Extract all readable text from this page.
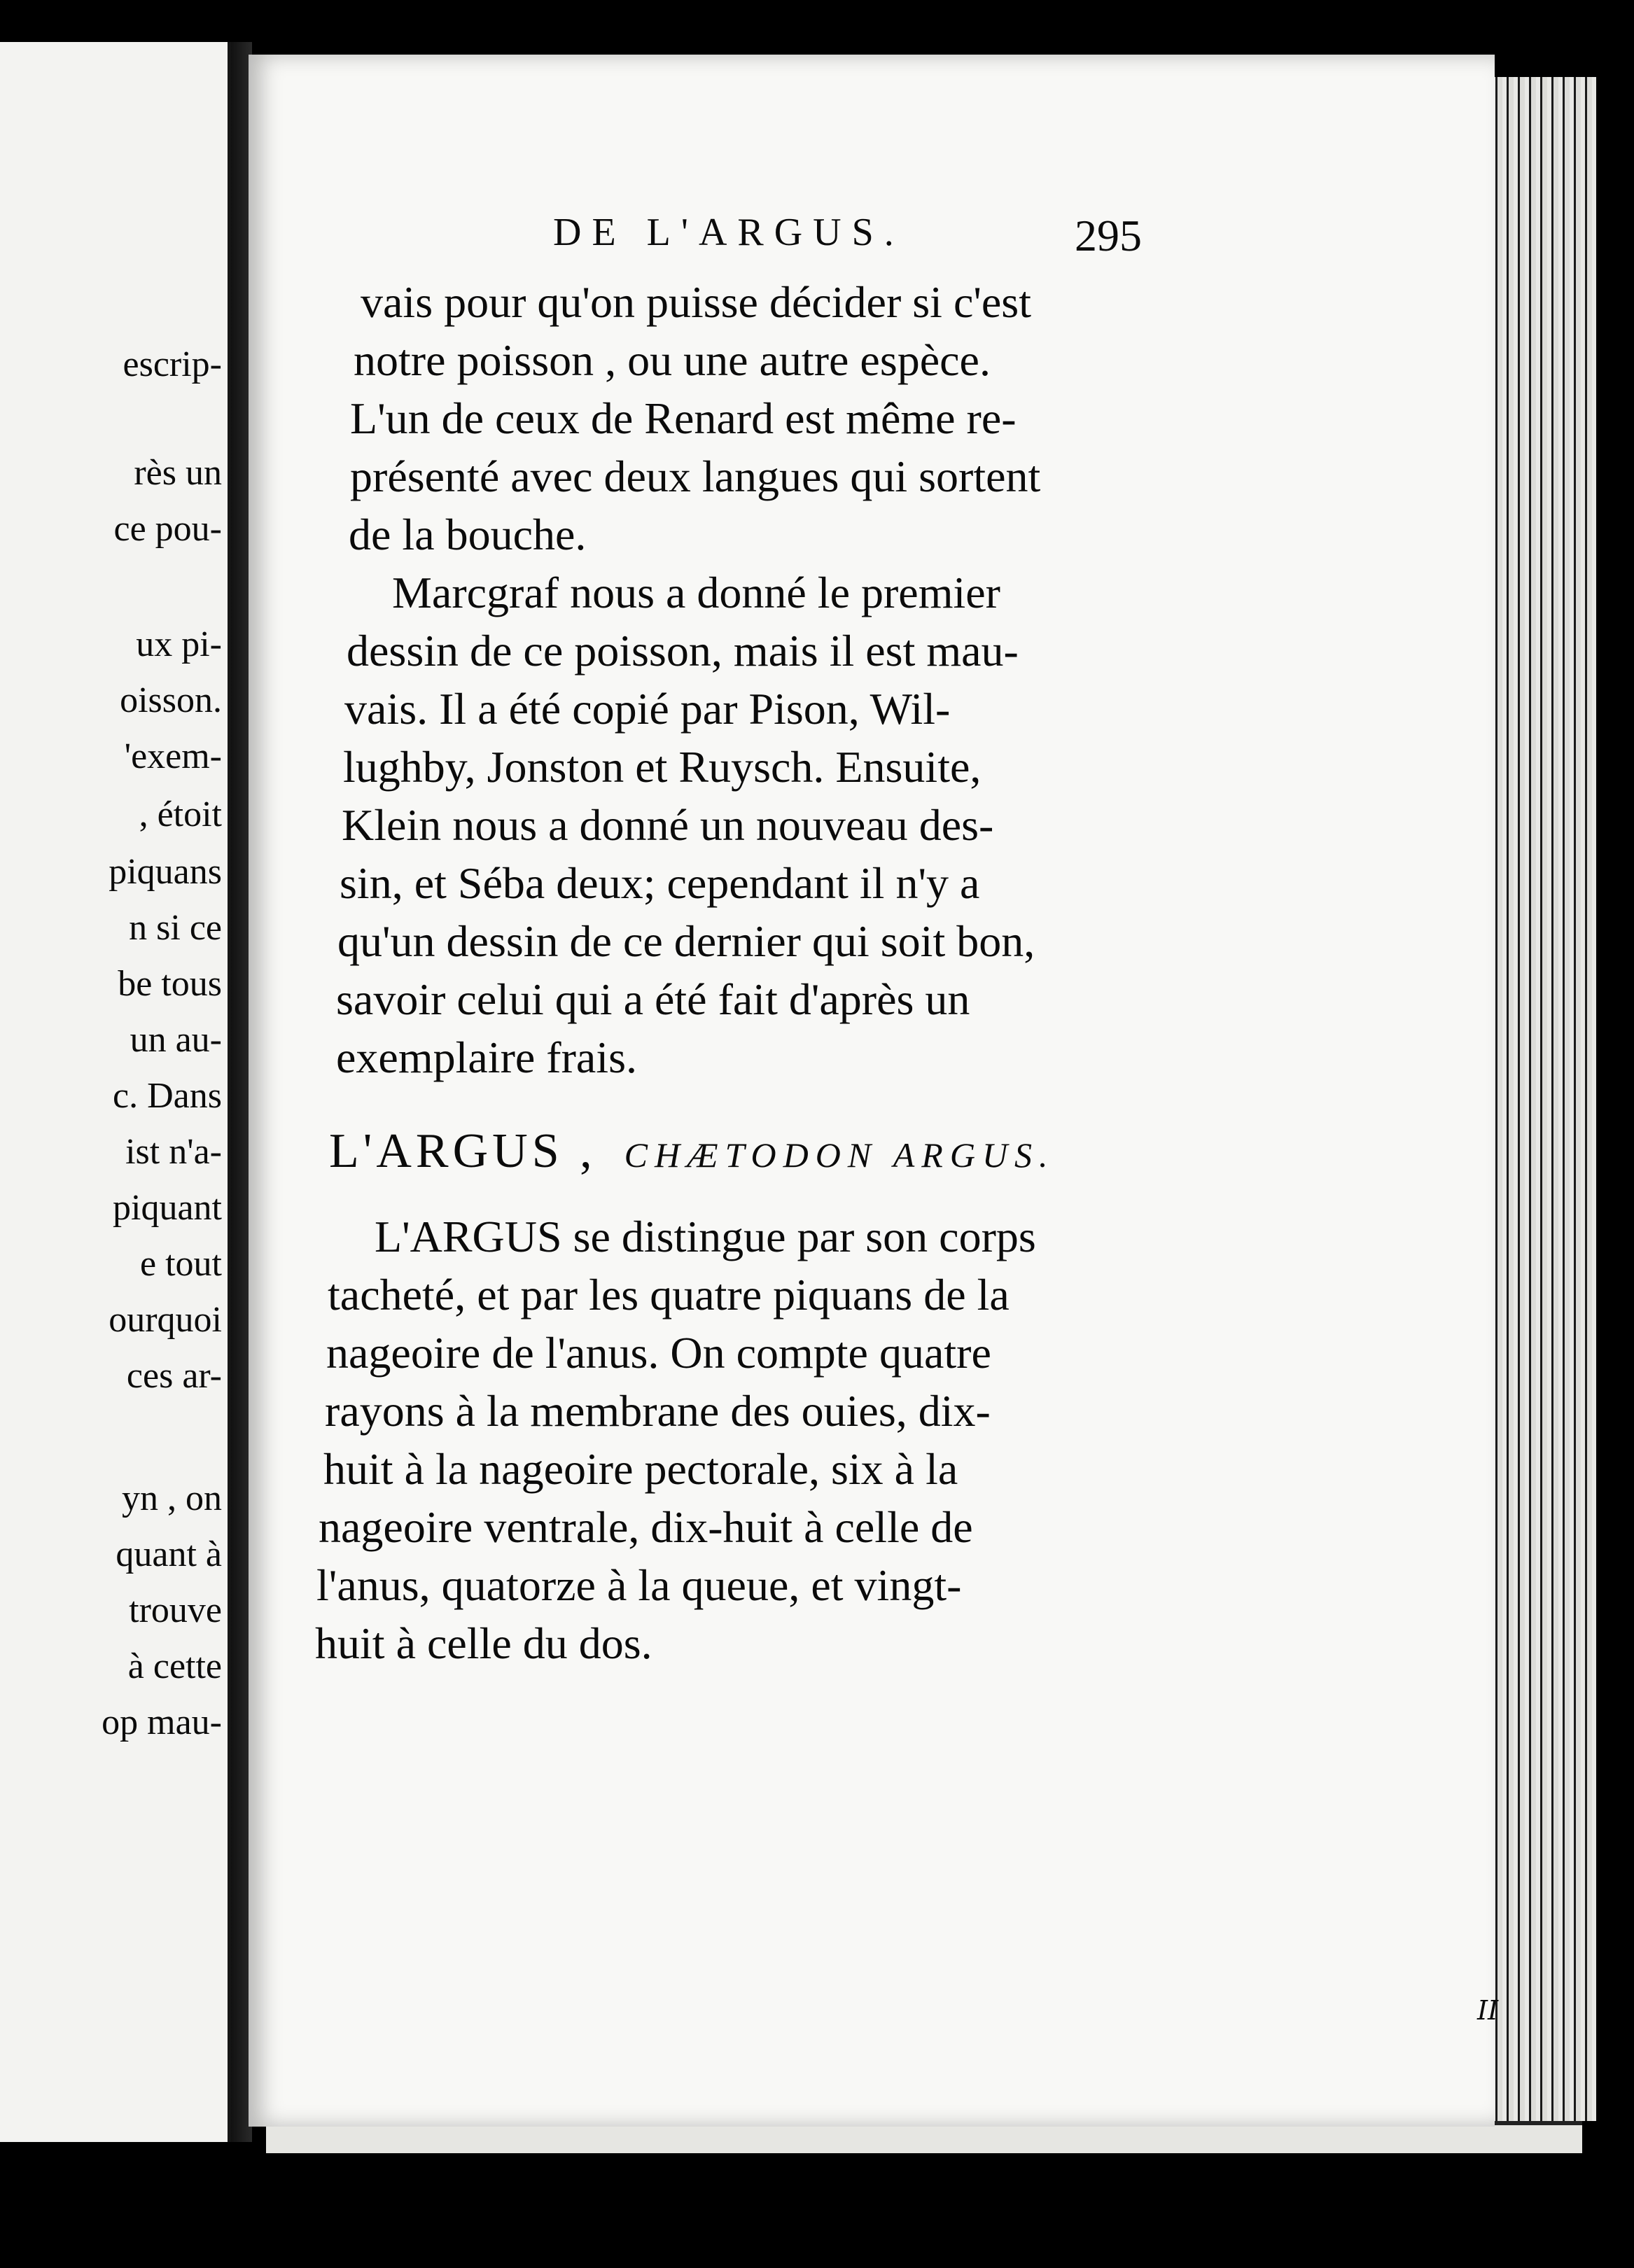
escrip-
rès un
ce pou-
ux pi-
oisson.
'exem-
, étoit
piquans
n si ce
be tous
un au-
c. Dans
ist n'a-
piquant
e tout
ourquoi
ces ar-
yn , on
quant à
trouve
à cette
op mau-
DE L'ARGUS.	295
vais pour qu'on puisse décider si c'est
notre poisson , ou une autre espèce.
L'un de ceux de Renard est même re-
présenté avec deux langues qui sortent
de la bouche.
Marcgraf nous a donné le premier
dessin de ce poisson, mais il est mau-
vais. Il a été copié par Pison, Wil-
lughby, Jonston et Ruysch. Ensuite,
Klein nous a donné un nouveau des-
sin, et Séba deux; cependant il n'y a
qu'un dessin de ce dernier qui soit bon,
savoir celui qui a été fait d'après un
exemplaire frais.
L'ARGUS , CHÆTODON ARGUS.
L'ARGUS se distingue par son corps
tacheté, et par les quatre piquans de la
nageoire de l'anus. On compte quatre
rayons à la membrane des ouies, dix-
huit à la nageoire pectorale, six à la
nageoire ventrale, dix-huit à celle de
l'anus, quatorze à la queue, et vingt-
huit à celle du dos.
II
